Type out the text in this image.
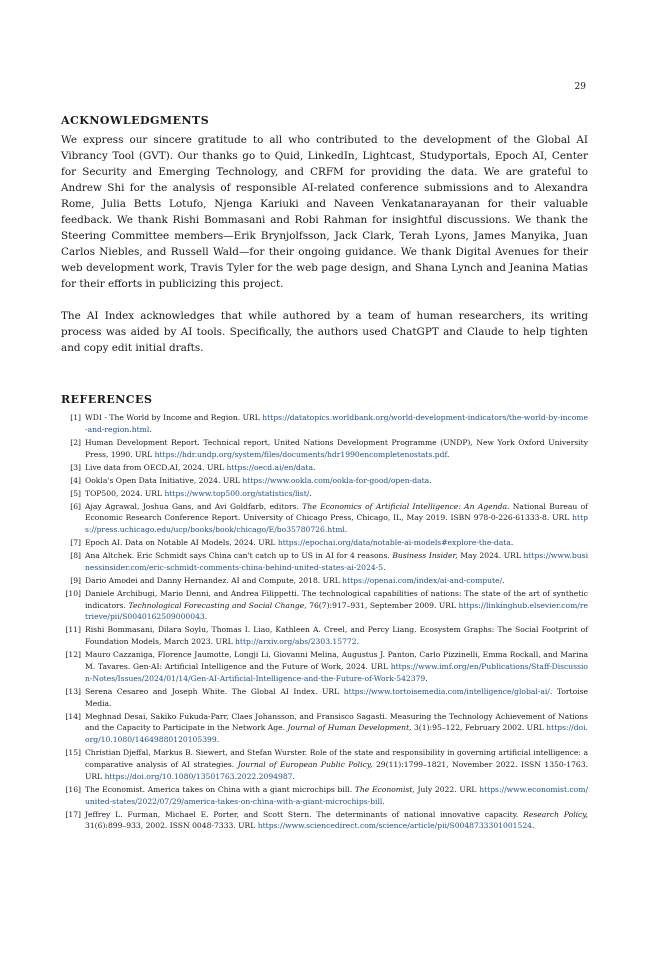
29
ACKNOWLEDGMENTS

We express our sincere gratitude to all who contributed to the development of the Global AI Vibrancy Tool (GVT). Our thanks go to Quid, LinkedIn, Lightcast, Studyportals, Epoch AI, Center for Security and Emerging Technology, and CRFM for providing the data. We are grateful to Andrew Shi for the analysis of responsible AI-related conference submissions and to Alexandra Rome, Julia Betts Lotufo, Njenga Kariuki and Naveen Venkatanarayanan for their valuable feedback. We thank Rishi Bommasani and Robi Rahman for insightful discussions. We thank the Steering Committee members—Erik Brynjolfsson, Jack Clark, Terah Lyons, James Manyika, Juan Carlos Niebles, and Russell Wald—for their ongoing guidance. We thank Digital Avenues for their web development work, Travis Tyler for the web page design, and Shana Lynch and Jeanina Matias for their efforts in publicizing this project.

The AI Index acknowledges that while authored by a team of human researchers, its writing process was aided by AI tools. Specifically, the authors used ChatGPT and Claude to help tighten and copy edit initial drafts.

REFERENCES
[1] WDI - The World by Income and Region. URL https://datatopics.worldbank.org/world-development-indicators/the-world-by-income-and-region.html.
[2] Human Development Report. Technical report, United Nations Development Programme (UNDP), New York Oxford University Press, 1990. URL https://hdr.undp.org/system/files/documents/hdr1990encompletenostats.pdf.
[3] Live data from OECD.AI, 2024. URL https://oecd.ai/en/data.
[4] Ookla's Open Data Initiative, 2024. URL https://www.ookla.com/ookla-for-good/open-data.
[5] TOP500, 2024. URL https://www.top500.org/statistics/list/.
[6] Ajay Agrawal, Joshua Gans, and Avi Goldfarb, editors. The Economics of Artificial Intelligence: An Agenda. National Bureau of Economic Research Conference Report. University of Chicago Press, Chicago, IL, May 2019. ISBN 978-0-226-61333-8. URL https://press.uchicago.edu/ucp/books/book/chicago/E/bo35780726.html.
[7] Epoch AI. Data on Notable AI Models, 2024. URL https://epochai.org/data/notable-ai-models#explore-the-data.
[8] Ana Altchek. Eric Schmidt says China can't catch up to US in AI for 4 reasons. Business Insider, May 2024. URL https://www.businessinsider.com/eric-schmidt-comments-china-behind-united-states-ai-2024-5.
[9] Dario Amodei and Danny Hernandez. AI and Compute, 2018. URL https://openai.com/index/ai-and-compute/.
[10] Daniele Archibugi, Mario Denni, and Andrea Filippetti. The technological capabilities of nations: The state of the art of synthetic indicators. Technological Forecasting and Social Change, 76(7):917–931, September 2009. URL https://linkinghub.elsevier.com/retrieve/pii/S0040162509000043.
[11] Rishi Bommasani, Dilara Soylu, Thomas I. Liao, Kathleen A. Creel, and Percy Liang. Ecosystem Graphs: The Social Footprint of Foundation Models, March 2023. URL http://arxiv.org/abs/2303.15772.
[12] Mauro Cazzaniga, Florence Jaumotte, Longji Li, Giovanni Melina, Augustus J. Panton, Carlo Pizzinelli, Emma Rockall, and Marina M. Tavares. Gen-AI: Artificial Intelligence and the Future of Work, 2024. URL https://www.imf.org/en/Publications/Staff-Discussion-Notes/Issues/2024/01/14/Gen-AI-Artificial-Intelligence-and-the-Future-of-Work-542379.
[13] Serena Cesareo and Joseph White. The Global AI Index. URL https://www.tortoisemedia.com/intelligence/global-ai/. Tortoise Media.
[14] Meghnad Desai, Sakiko Fukuda-Parr, Claes Johansson, and Fransisco Sagasti. Measuring the Technology Achievement of Nations and the Capacity to Participate in the Network Age. Journal of Human Development, 3(1):95–122, February 2002. URL https://doi.org/10.1080/14649880120105399.
[15] Christian Djeffal, Markus B. Siewert, and Stefan Wurster. Role of the state and responsibility in governing artificial intelligence: a comparative analysis of AI strategies. Journal of European Public Policy, 29(11):1799–1821, November 2022. ISSN 1350-1763. URL https://doi.org/10.1080/13501763.2022.2094987.
[16] The Economist. America takes on China with a giant microchips bill. The Economist, July 2022. URL https://www.economist.com/united-states/2022/07/29/america-takes-on-china-with-a-giant-microchips-bill.
[17] Jeffrey L. Furman, Michael E. Porter, and Scott Stern. The determinants of national innovative capacity. Research Policy, 31(6):899–933, 2002. ISSN 0048-7333. URL https://www.sciencedirect.com/science/article/pii/S0048733301001524.
